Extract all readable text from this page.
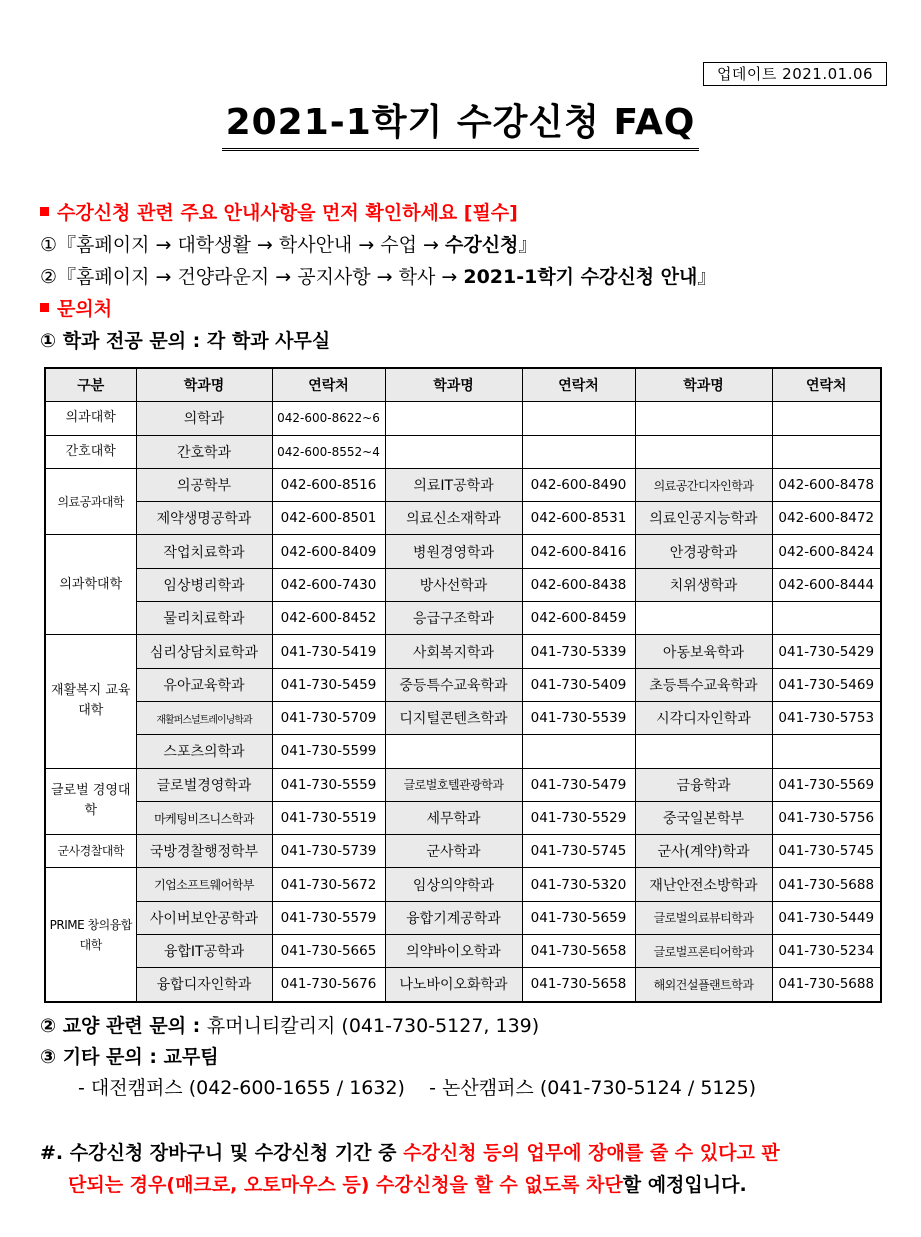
업데이트 2021.01.06
2021-1학기 수강신청 FAQ
수강신청 관련 주요 안내사항을 먼저 확인하세요 [필수]
①『홈페이지 → 대학생활 → 학사안내 → 수업 → 수강신청』
②『홈페이지 → 건양라운지 → 공지사항 → 학사 → 2021-1학기 수강신청 안내』
문의처
① 학과 전공 문의 : 각 학과 사무실
구분	학과명	연락처	학과명	연락처	학과명	연락처
의과대학	의학과	042-600-8622~6				
간호대학	간호학과	042-600-8552~4				
의료공과대학	의공학부	042-600-8516	의료IT공학과	042-600-8490	의료공간디자인학과	042-600-8478
	제약생명공학과	042-600-8501	의료신소재학과	042-600-8531	의료인공지능학과	042-600-8472
의과학대학	작업치료학과	042-600-8409	병원경영학과	042-600-8416	안경광학과	042-600-8424
	임상병리학과	042-600-7430	방사선학과	042-600-8438	치위생학과	042-600-8444
	물리치료학과	042-600-8452	응급구조학과	042-600-8459		
재활복지 교육대학	심리상담치료학과	041-730-5419	사회복지학과	041-730-5339	아동보육학과	041-730-5429
	유아교육학과	041-730-5459	중등특수교육학과	041-730-5409	초등특수교육학과	041-730-5469
	재활퍼스널트레이닝학과	041-730-5709	디지털콘텐츠학과	041-730-5539	시각디자인학과	041-730-5753
	스포츠의학과	041-730-5599				
글로벌 경영대학	글로벌경영학과	041-730-5559	글로벌호텔관광학과	041-730-5479	금융학과	041-730-5569
	마케팅비즈니스학과	041-730-5519	세무학과	041-730-5529	중국일본학부	041-730-5756
군사경찰대학	국방경찰행정학부	041-730-5739	군사학과	041-730-5745	군사(계약)학과	041-730-5745
PRIME 창의융합대학	기업소프트웨어학부	041-730-5672	임상의약학과	041-730-5320	재난안전소방학과	041-730-5688
	사이버보안공학과	041-730-5579	융합기계공학과	041-730-5659	글로벌의료뷰티학과	041-730-5449
	융합IT공학과	041-730-5665	의약바이오학과	041-730-5658	글로벌프론티어학과	041-730-5234
	융합디자인학과	041-730-5676	나노바이오화학과	041-730-5658	해외건설플랜트학과	041-730-5688
② 교양 관련 문의 : 휴머니티칼리지 (041-730-5127, 139)
③ 기타 문의 : 교무팀
- 대전캠퍼스 (042-600-1655 / 1632)    - 논산캠퍼스 (041-730-5124 / 5125)
#. 수강신청 장바구니 및 수강신청 기간 중 수강신청 등의 업무에 장애를 줄 수 있다고 판
단되는 경우(매크로, 오토마우스 등) 수강신청을 할 수 없도록 차단할 예정입니다.
